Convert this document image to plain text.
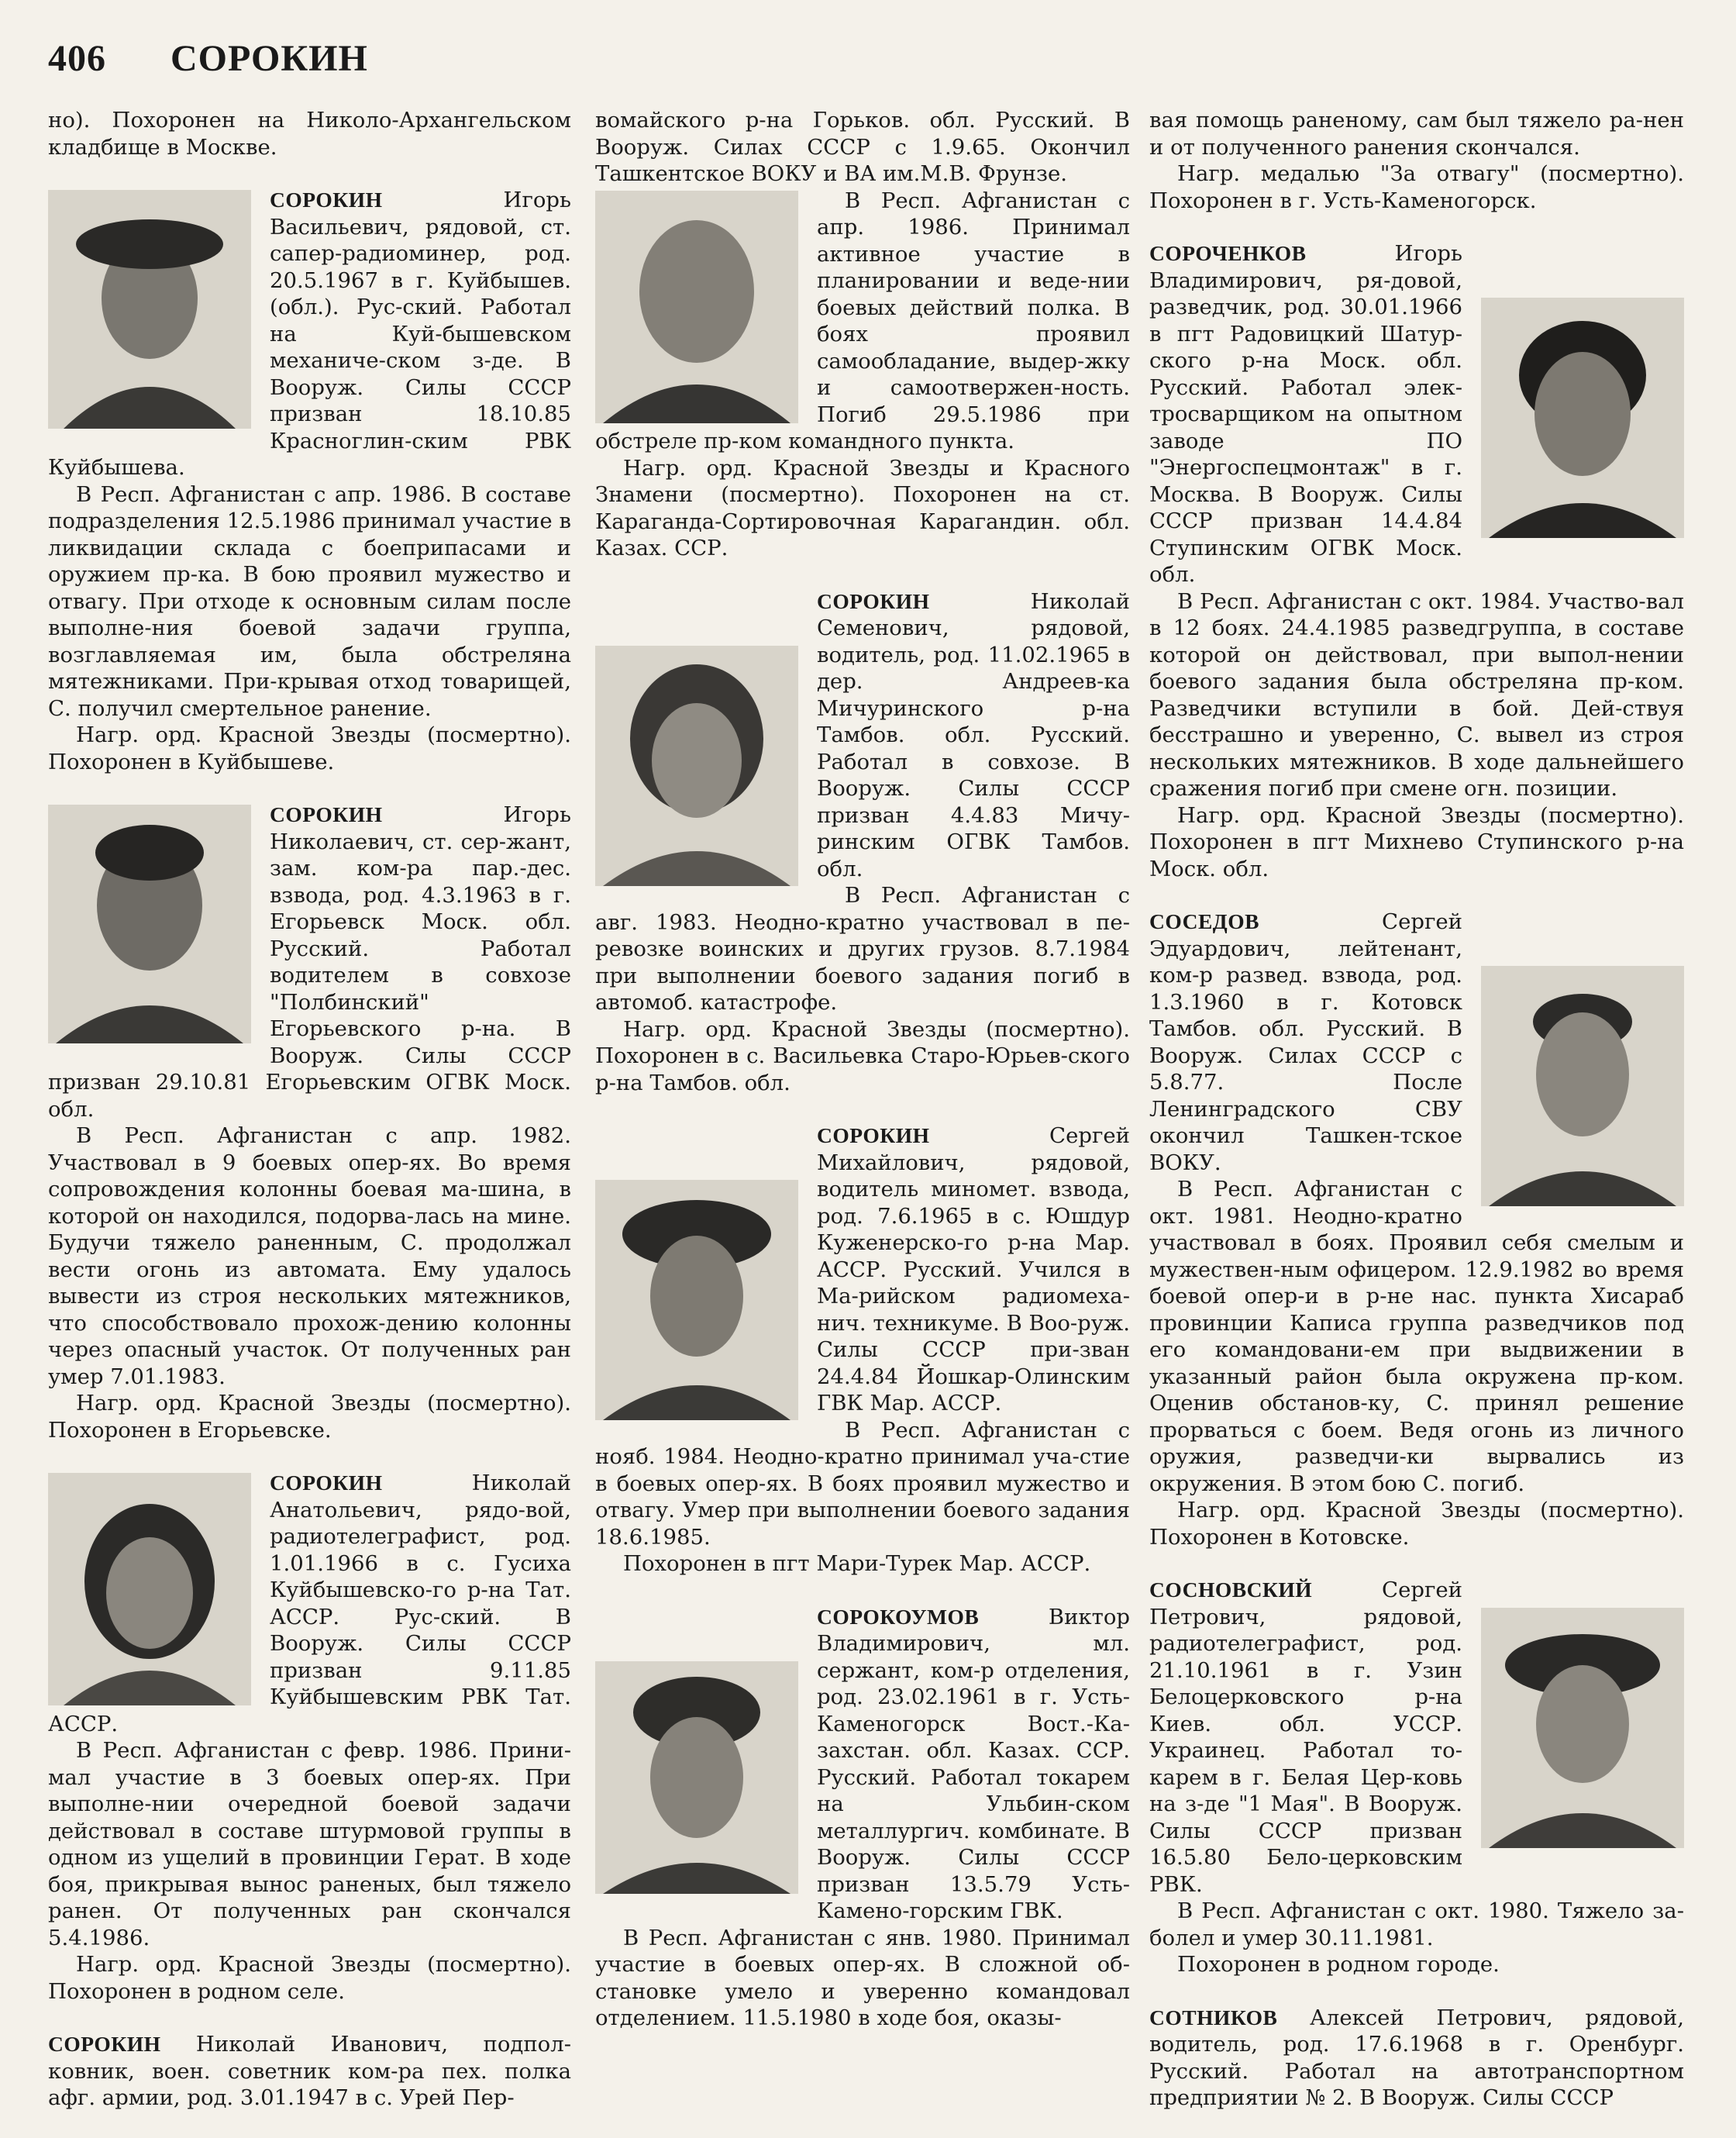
406 СОРОКИН

но). Похоронен на Николо-Архангельском кладбище в Москве.

СОРОКИН Игорь Васильевич, рядовой, ст. сапер-радиоминер, род. 20.5.1967 в г. Куйбышев. (обл.). Рус-ский. Работал на Куй-бышевском механиче-ском з-де. В Вооруж. Силы СССР призван 18.10.85 Красноглин-ским РВК Куйбышева.

В Респ. Афганистан с апр. 1986. В составе подразделения 12.5.1986 принимал участие в ликвидации склада с боеприпасами и оружием пр-ка. В бою проявил мужество и отвагу. При отходе к основным силам после выполне-ния боевой задачи группа, возглавляемая им, была обстреляна мятежниками. При-крывая отход товарищей, С. получил смертельное ранение.

Нагр. орд. Красной Звезды (посмертно). Похоронен в Куйбышеве.

СОРОКИН Игорь Николаевич, ст. сер-жант, зам. ком-ра пар.-дес. взвода, род. 4.3.1963 в г. Егорьевск Моск. обл. Русский. Работал водителем в совхозе "Полбинский" Егорьевского р-на. В Вооруж. Силы СССР призван 29.10.81 Егорьевским ОГВК Моск. обл.

В Респ. Афганистан с апр. 1982. Участвовал в 9 боевых опер-ях. Во время сопровождения колонны боевая ма-шина, в которой он находился, подорва-лась на мине. Будучи тяжело раненным, С. продолжал вести огонь из автомата. Ему удалось вывести из строя нескольких мятежников, что способствовало прохож-дению колонны через опасный участок. От полученных ран умер 7.01.1983.

Нагр. орд. Красной Звезды (посмертно). Похоронен в Егорьевске.

СОРОКИН Николай Анатольевич, рядо-вой, радиотелеграфист, род. 1.01.1966 в с. Гусиха Куйбышевско-го р-на Тат. АССР. Рус-ский. В Вооруж. Силы СССР призван 9.11.85 Куйбышевским РВК Тат. АССР.

В Респ. Афганистан с февр. 1986. Прини-мал участие в 3 боевых опер-ях. При выполне-нии очередной боевой задачи действовал в составе штурмовой группы в одном из ущелий в провинции Герат. В ходе боя, прикрывая вынос раненых, был тяжело ранен. От полученных ран скончался 5.4.1986.

Нагр. орд. Красной Звезды (посмертно). Похоронен в родном селе.

СОРОКИН Николай Иванович, подпол-ковник, воен. советник ком-ра пех. полка афг. армии, род. 3.01.1947 в с. Урей Пер-

вомайского р-на Горьков. обл. Русский. В Вооруж. Силах СССР с 1.9.65. Окончил Ташкентское ВОКУ и ВА им.М.В. Фрунзе.

В Респ. Афганистан с апр. 1986. Принимал активное участие в планировании и веде-нии боевых действий полка. В боях проявил самообладание, выдер-жку и самоотвержен-ность. Погиб 29.5.1986 при обстреле пр-ком командного пункта.

Нагр. орд. Красной Звезды и Красного Знамени (посмертно). Похоронен на ст. Караганда-Сортировочная Карагандин. обл. Казах. ССР.

СОРОКИН Николай Семенович, рядовой, водитель, род. 11.02.1965 в дер. Андреев-ка Мичуринского р-на Тамбов. обл. Русский. Работал в совхозе. В Вооруж. Силы СССР призван 4.4.83 Мичу-ринским ОГВК Тамбов. обл.

В Респ. Афганистан с авг. 1983. Неодно-кратно участвовал в пе-ревозке воинских и других грузов. 8.7.1984 при выполнении боевого задания погиб в автомоб. катастрофе.

Нагр. орд. Красной Звезды (посмертно). Похоронен в с. Васильевка Старо-Юрьев-ского р-на Тамбов. обл.

СОРОКИН Сергей Михайлович, рядовой, водитель миномет. взвода, род. 7.6.1965 в с. Юшдур Куженерско-го р-на Мар. АССР. Русский. Учился в Ма-рийском радиомеха-нич. техникуме. В Воо-руж. Силы СССР при-зван 24.4.84 Йошкар-Олинским ГВК Мар. АССР.

В Респ. Афганистан с нояб. 1984. Неодно-кратно принимал уча-стие в боевых опер-ях. В боях проявил мужество и отвагу. Умер при выполнении боевого задания 18.6.1985.

Похоронен в пгт Мари-Турек Мар. АССР.

СОРОКОУМОВ Виктор Владимирович, мл. сержант, ком-р отделения, род. 23.02.1961 в г. Усть-Каменогорск Вост.-Ка-захстан. обл. Казах. ССР. Русский. Работал токарем на Ульбин-ском металлургич. комбинате. В Вооруж. Силы СССР призван 13.5.79 Усть-Камено-горским ГВК.

В Респ. Афганистан с янв. 1980. Принимал участие в боевых опер-ях. В сложной об-становке умело и уверенно командовал отделением. 11.5.1980 в ходе боя, оказы-

вая помощь раненому, сам был тяжело ра-нен и от полученного ранения скончался.

Нагр. медалью "За отвагу" (посмертно). Похоронен в г. Усть-Каменогорск.

СОРОЧЕНКОВ Игорь Владимирович, ря-довой, разведчик, род. 30.01.1966 в пгт Радовицкий Шатур-ского р-на Моск. обл. Русский. Работал элек-тросварщиком на опытном заводе ПО "Энергоспецмонтаж" в г. Москва. В Вооруж. Силы СССР призван 14.4.84 Ступинским ОГВК Моск. обл.

В Респ. Афганистан с окт. 1984. Участво-вал в 12 боях. 24.4.1985 разведгруппа, в составе которой он действовал, при выпол-нении боевого задания была обстреляна пр-ком. Разведчики вступили в бой. Дей-ствуя бесстрашно и уверенно, С. вывел из строя нескольких мятежников. В ходе дальнейшего сражения погиб при смене огн. позиции.

Нагр. орд. Красной Звезды (посмертно). Похоронен в пгт Михнево Ступинского р-на Моск. обл.

СОСЕДОВ Сергей Эдуардович, лейтенант, ком-р развед. взвода, род. 1.3.1960 в г. Котовск Тамбов. обл. Русский. В Вооруж. Силах СССР с 5.8.77. После Ленинградского СВУ окончил Ташкен-тское ВОКУ.

В Респ. Афганистан с окт. 1981. Неодно-кратно участвовал в боях. Проявил себя смелым и мужествен-ным офицером. 12.9.1982 во время боевой опер-и в р-не нас. пункта Хисараб провинции Каписа группа разведчиков под его командовани-ем при выдвижении в указанный район была окружена пр-ком. Оценив обстанов-ку, С. принял решение прорваться с боем. Ведя огонь из личного оружия, разведчи-ки вырвались из окружения. В этом бою С. погиб.

Нагр. орд. Красной Звезды (посмертно). Похоронен в Котовске.

СОСНОВСКИЙ Сергей Петрович, рядовой, радиотелеграфист, род. 21.10.1961 в г. Узин Белоцерковского р-на Киев. обл. УССР. Украинец. Работал то-карем в г. Белая Цер-ковь на з-де "1 Мая". В Вооруж. Силы СССР призван 16.5.80 Бело-церковским РВК.

В Респ. Афганистан с окт. 1980. Тяжело за-болел и умер 30.11.1981.

Похоронен в родном городе.

СОТНИКОВ Алексей Петрович, рядовой, водитель, род. 17.6.1968 в г. Оренбург. Русский. Работал на автотранспортном предприятии № 2. В Вооруж. Силы СССР
